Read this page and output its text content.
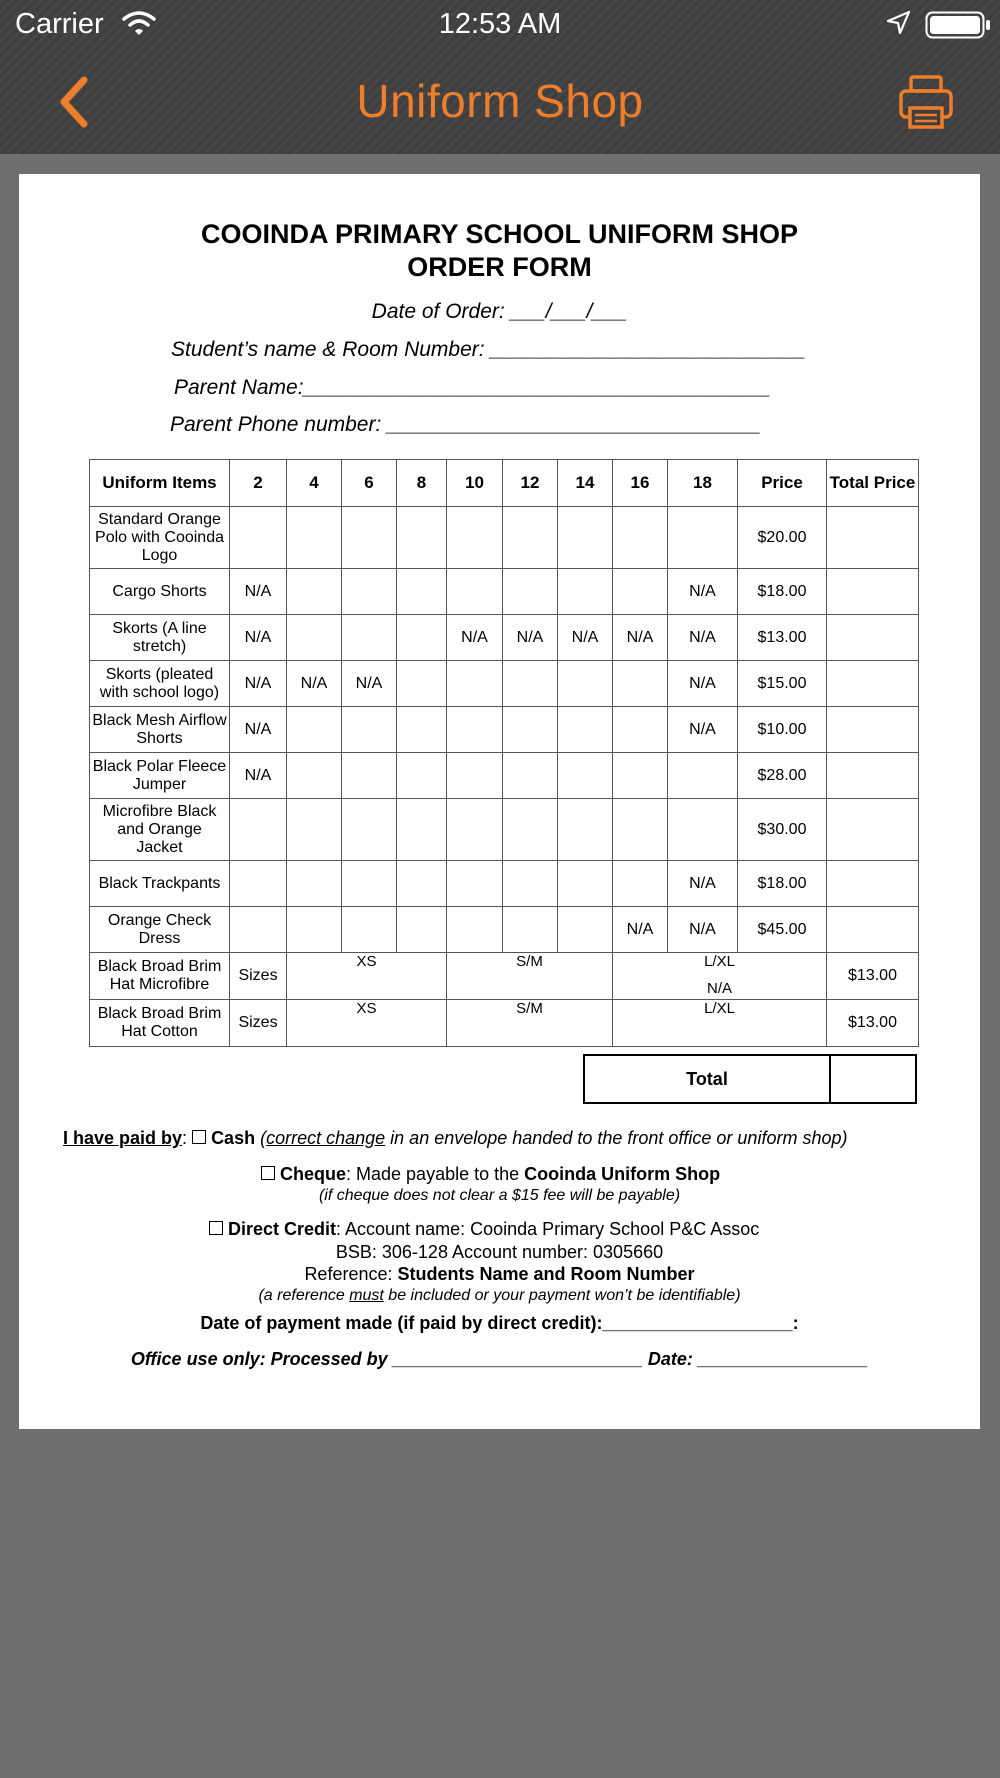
Carrier	12:53 AM
Uniform Shop
COOINDA PRIMARY SCHOOL UNIFORM SHOP
ORDER FORM
Date of Order: ___/___/___
Student’s name & Room Number: ___________________________
Parent Name:________________________________________
Parent Phone number: ________________________________
Uniform Items	2	4	6	8	10	12	14	16	18	Price	Total Price	
Standard Orange Polo with Cooinda Logo										$20.00		
Cargo Shorts	N/A								N/A	$18.00		
Skorts (A line stretch)	N/A				N/A	N/A	N/A	N/A	N/A	$13.00		
Skorts (pleated with school logo)	N/A	N/A	N/A						N/A	$15.00		
Black Mesh Airflow Shorts	N/A								N/A	$10.00		
Black Polar Fleece Jumper	N/A									$28.00		
Microfibre Black and Orange Jacket										$30.00		
Black Trackpants									N/A	$18.00		
Orange Check Dress								N/A	N/A	$45.00		
Black Broad Brim Hat Microfibre	Sizes	XS			S/M			L/XL			$13.00	
								N/A				
Black Broad Brim Hat Cotton	Sizes	XS			S/M			L/XL			$13.00	

Total
I have paid by: Cash (correct change in an envelope handed to the front office or uniform shop)
Cheque: Made payable to the Cooinda Uniform Shop
(if cheque does not clear a $15 fee will be payable)
Direct Credit: Account name: Cooinda Primary School P&C Assoc
BSB: 306-128 Account number: 0305660
Reference: Students Name and Room Number
(a reference must be included or your payment won’t be identifiable)
Date of payment made (if paid by direct credit):___________________:
Office use only: Processed by _________________________ Date: _________________
